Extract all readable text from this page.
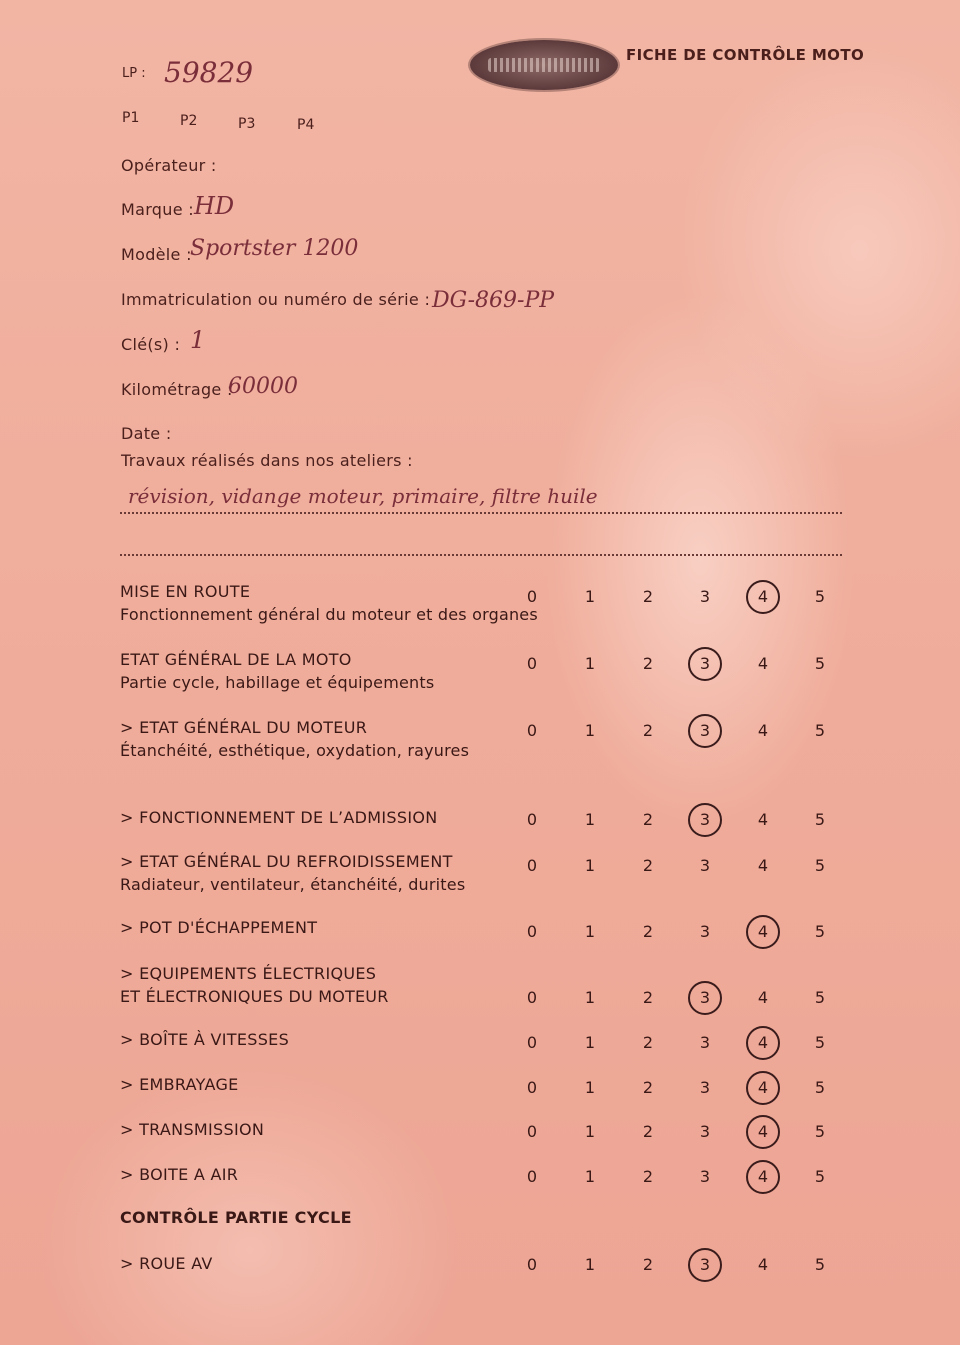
FICHE DE CONTRÔLE MOTO
LP : 59829
P1	P2	P3	P4
Opérateur :
Marque : HD
Modèle :
Sportster 1200
Immatriculation ou numéro de série : DG-869-PP
Clé(s) : 1
Kilométrage :
60000
Date :
Travaux réalisés dans nos ateliers :
révision, vidange moteur, primaire, filtre huile
MISE EN ROUTE
Fonctionnement général du moteur et des organes
0	1	2	3	4	5
ETAT GÉNÉRAL DE LA MOTO
Partie cycle, habillage et équipements
0	1	2	3	4	5
> ETAT GÉNÉRAL DU MOTEUR
Étanchéité, esthétique, oxydation, rayures
0	1	2	3	4	5
> FONCTIONNEMENT DE L’ADMISSION	0	1	2	3	4	5
> ETAT GÉNÉRAL DU REFROIDISSEMENT
Radiateur, ventilateur, étanchéité, durites
0	1	2	3	4	5
> POT D'ÉCHAPPEMENT	0	1	2	3	4	5
> EQUIPEMENTS ÉLECTRIQUES
ET ÉLECTRONIQUES DU MOTEUR	0	1	2	3	4	5
> BOÎTE À VITESSES	0	1	2	3	4	5
> EMBRAYAGE	0	1	2	3	4	5
> TRANSMISSION	0	1	2	3	4	5
> BOITE A AIR	0	1	2	3	4	5
CONTRÔLE PARTIE CYCLE
> ROUE AV	0	1	2	3	4	5
